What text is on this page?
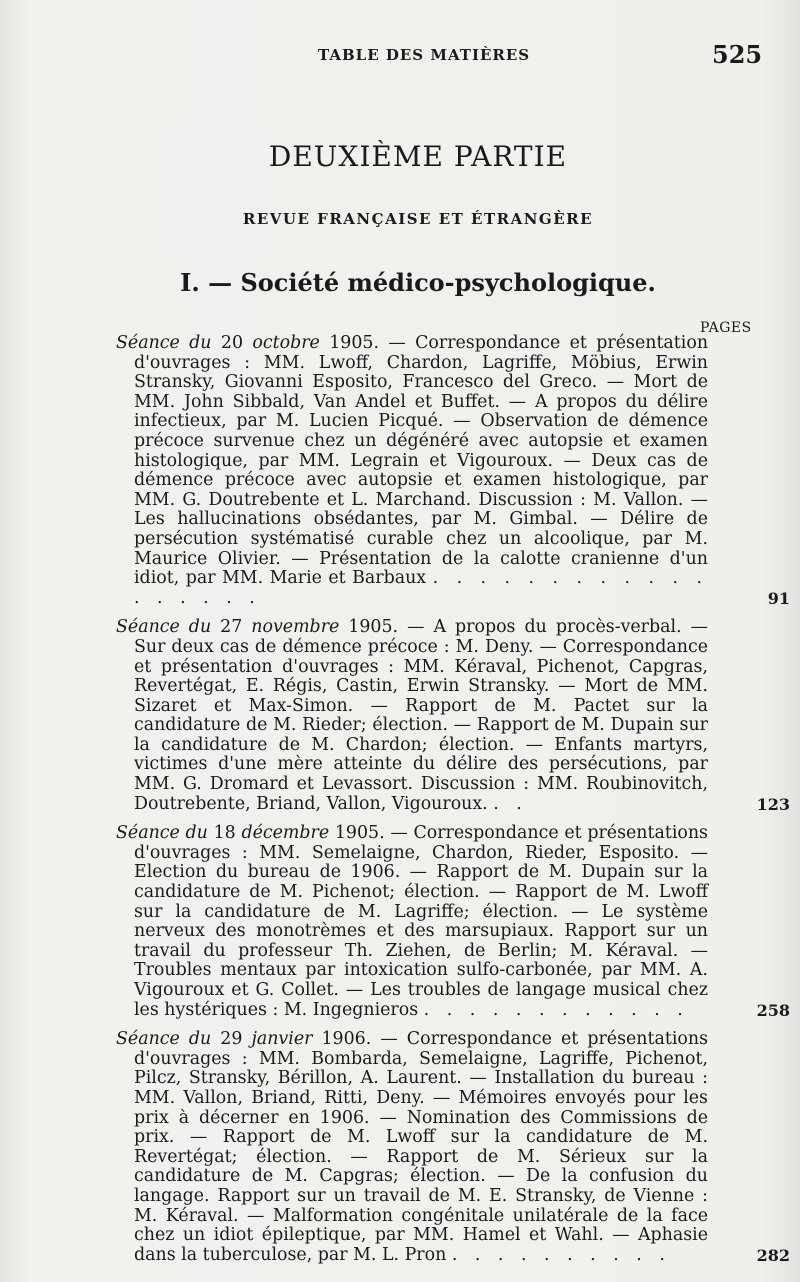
TABLE DES MATIÈRES	525
DEUXIÈME PARTIE
REVUE FRANÇAISE ET ÉTRANGÈRE
I. — Société médico-psychologique.
PAGES
Séance du 20 octobre 1905. — Correspondance et présentation d'ouvrages : MM. Lwoff, Chardon, Lagriffe, Möbius, Erwin Stransky, Giovanni Esposito, Francesco del Greco. — Mort de MM. John Sibbald, Van Andel et Buffet. — A propos du délire infectieux, par M. Lucien Picqué. — Observation de démence précoce survenue chez un dégénéré avec autopsie et examen histologique, par MM. Legrain et Vigouroux. — Deux cas de démence précoce avec autopsie et examen histologique, par MM. G. Doutrebente et L. Marchand. Discussion : M. Vallon. — Les hallucinations obsédantes, par M. Gimbal. — Délire de persécution systématisé curable chez un alcoolique, par M. Maurice Olivier. — Présentation de la calotte cranienne d'un idiot, par MM. Marie et Barbaux . . . . . . . . . . . . . . . . . .	91
Séance du 27 novembre 1905. — A propos du procès-verbal. — Sur deux cas de démence précoce : M. Deny. — Correspondance et présentation d'ouvrages : MM. Kéraval, Pichenot, Capgras, Revertégat, E. Régis, Castin, Erwin Stransky. — Mort de MM. Sizaret et Max-Simon. — Rapport de M. Pactet sur la candidature de M. Rieder; élection. — Rapport de M. Dupain sur la candidature de M. Chardon; élection. — Enfants martyrs, victimes d'une mère atteinte du délire des persécutions, par MM. G. Dromard et Levassort. Discussion : MM. Roubinovitch, Doutrebente, Briand, Vallon, Vigouroux. . .	123
Séance du 18 décembre 1905. — Correspondance et présentations d'ouvrages : MM. Semelaigne, Chardon, Rieder, Esposito. — Election du bureau de 1906. — Rapport de M. Dupain sur la candidature de M. Pichenot; élection. — Rapport de M. Lwoff sur la candidature de M. Lagriffe; élection. — Le système nerveux des monotrèmes et des marsupiaux. Rapport sur un travail du professeur Th. Ziehen, de Berlin; M. Kéraval. — Troubles mentaux par intoxication sulfo-carbonée, par MM. A. Vigouroux et G. Collet. — Les troubles de langage musical chez les hystériques : M. Ingegnieros . . . . . . . . . . . .	258
Séance du 29 janvier 1906. — Correspondance et présentations d'ouvrages : MM. Bombarda, Semelaigne, Lagriffe, Pichenot, Pilcz, Stransky, Bérillon, A. Laurent. — Installation du bureau : MM. Vallon, Briand, Ritti, Deny. — Mémoires envoyés pour les prix à décerner en 1906. — Nomination des Commissions de prix. — Rapport de M. Lwoff sur la candidature de M. Revertégat; élection. — Rapport de M. Sérieux sur la candidature de M. Capgras; élection. — De la confusion du langage. Rapport sur un travail de M. E. Stransky, de Vienne : M. Kéraval. — Malformation congénitale unilatérale de la face chez un idiot épileptique, par MM. Hamel et Wahl. — Aphasie dans la tuberculose, par M. L. Pron . . . . . . . . . .	282
